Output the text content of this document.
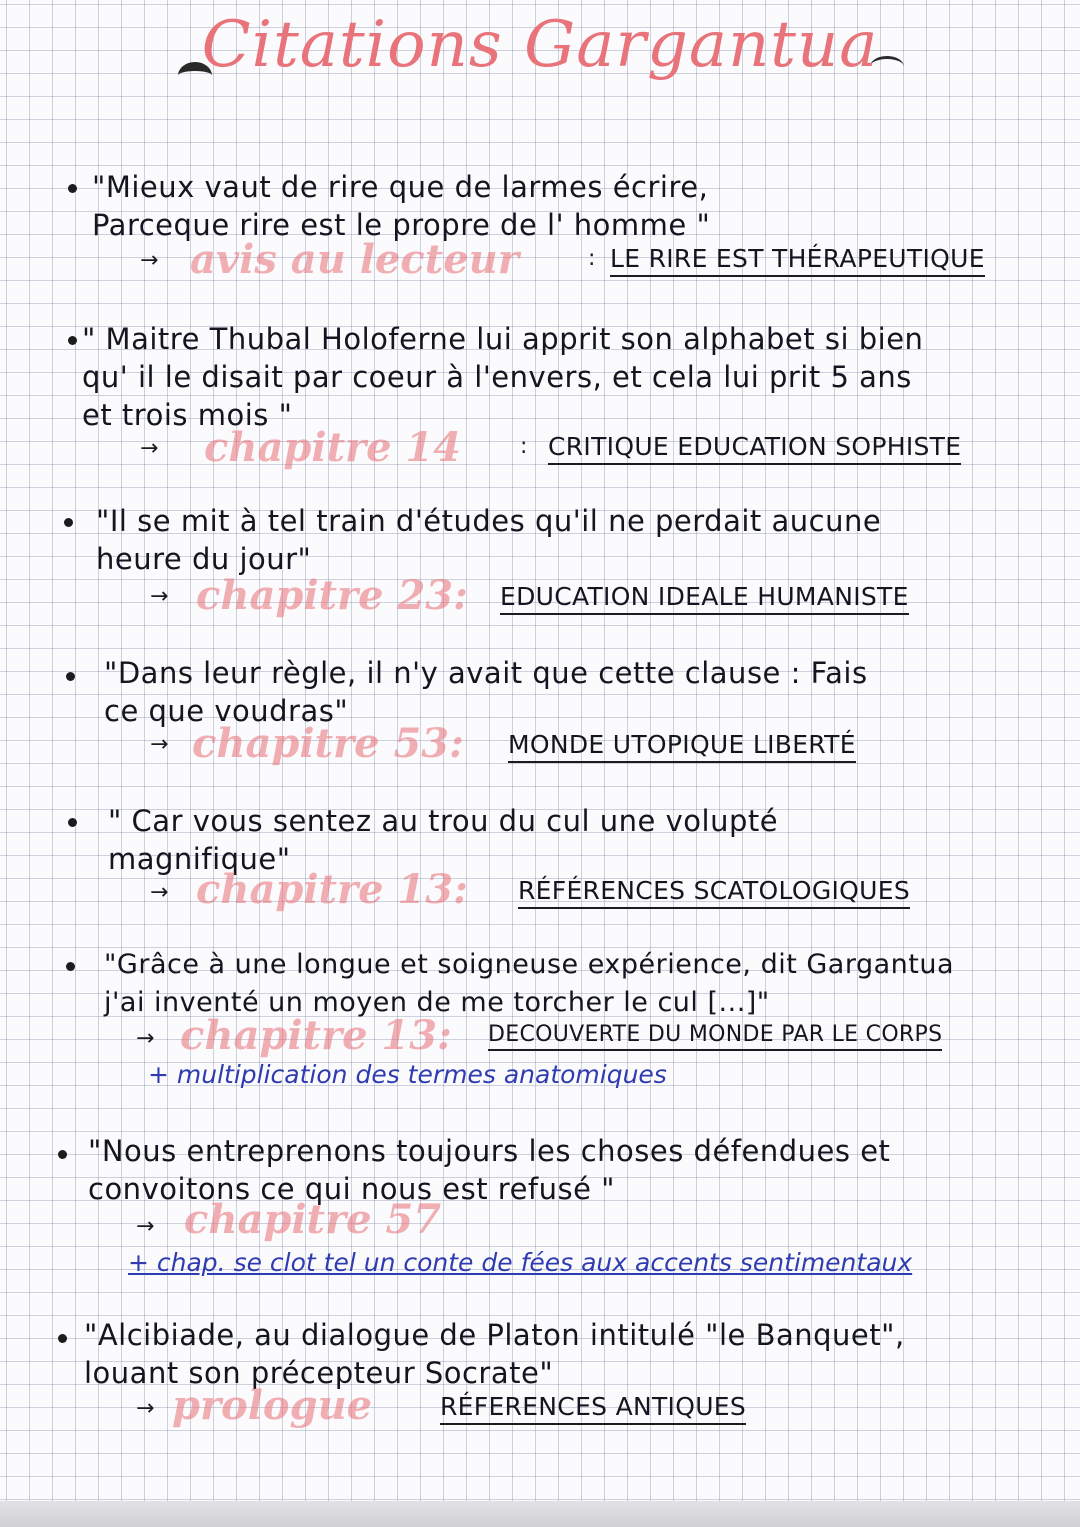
Citations Gargantua
"Mieux vaut de rire que de larmes écrire,
Parceque rire est le propre de l' homme "
→ avis au lecteur	: LE RIRE EST THÉRAPEUTIQUE
" Maitre Thubal Holoferne lui apprit son alphabet si bien
qu' il le disait par coeur à l'envers, et cela lui prit 5 ans
et trois mois "
→ chapitre 14	: CRITIQUE EDUCATION SOPHISTE
"Il se mit à tel train d'études qu'il ne perdait aucune
heure du jour"
→ chapitre 23: EDUCATION IDEALE HUMANISTE
"Dans leur règle, il n'y avait que cette clause : Fais
ce que voudras"
→ chapitre 53: MONDE UTOPIQUE LIBERTÉ
" Car vous sentez au trou du cul une volupté
magnifique"
→ chapitre 13: RÉFÉRENCES SCATOLOGIQUES
"Grâce à une longue et soigneuse expérience, dit Gargantua
j'ai inventé un moyen de me torcher le cul [...]"
→ chapitre 13: DECOUVERTE DU MONDE PAR LE CORPS
+ multiplication des termes anatomiques
"Nous entreprenons toujours les choses défendues et
convoitons ce qui nous est refusé "
→ chapitre 57
+ chap. se clot tel un conte de fées aux accents sentimentaux
"Alcibiade, au dialogue de Platon intitulé "le Banquet",
louant son précepteur Socrate"
→ prologue	RÉFERENCES ANTIQUES
